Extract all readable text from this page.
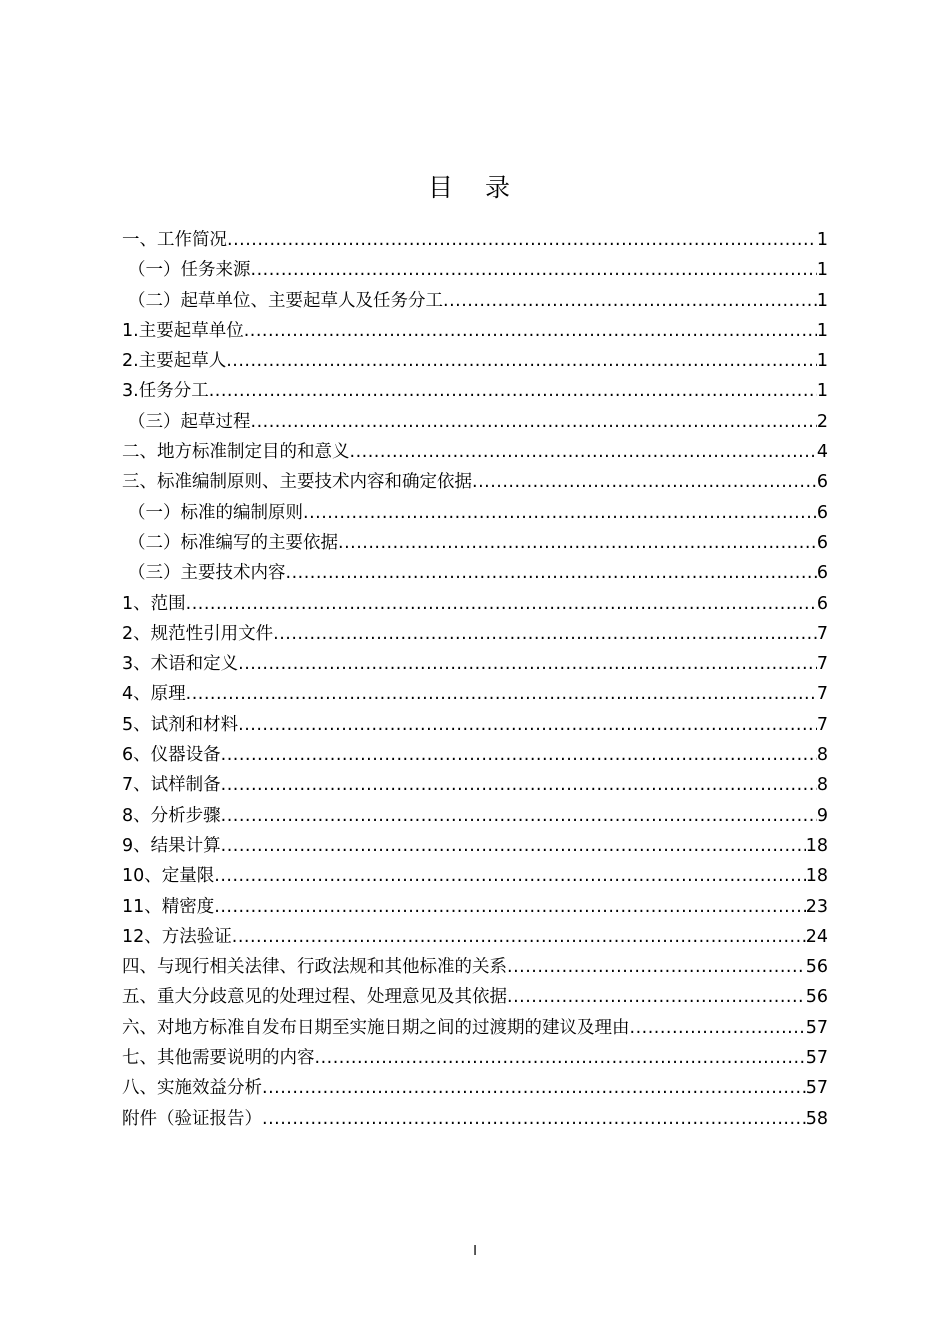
目 录
一、工作简况 .....	1
（一）任务来源 .....	1
（二）起草单位、主要起草人及任务分工 .....	1
1.主要起草单位 .....	1
2.主要起草人 .....	1
3.任务分工 .....	1
（三）起草过程 .....	2
二、地方标准制定目的和意义 .....	4
三、标准编制原则、主要技术内容和确定依据 .....	6
（一）标准的编制原则 .....	6
（二）标准编写的主要依据 .....	6
（三）主要技术内容 .....	6
1、范围 .....	6
2、规范性引用文件 .....	7
3、术语和定义 .....	7
4、原理 .....	7
5、试剂和材料 .....	7
6、仪器设备 .....	8
7、试样制备 .....	8
8、分析步骤 .....	9
9、结果计算 .....	18
10、定量限 .....	18
11、精密度 .....	23
12、方法验证 .....	24
四、与现行相关法律、行政法规和其他标准的关系 .....	56
五、重大分歧意见的处理过程、处理意见及其依据 .....	56
六、对地方标准自发布日期至实施日期之间的过渡期的建议及理由 .....	57
七、其他需要说明的内容 .....	57
八、实施效益分析 .....	57
附件（验证报告） .....	58
I
